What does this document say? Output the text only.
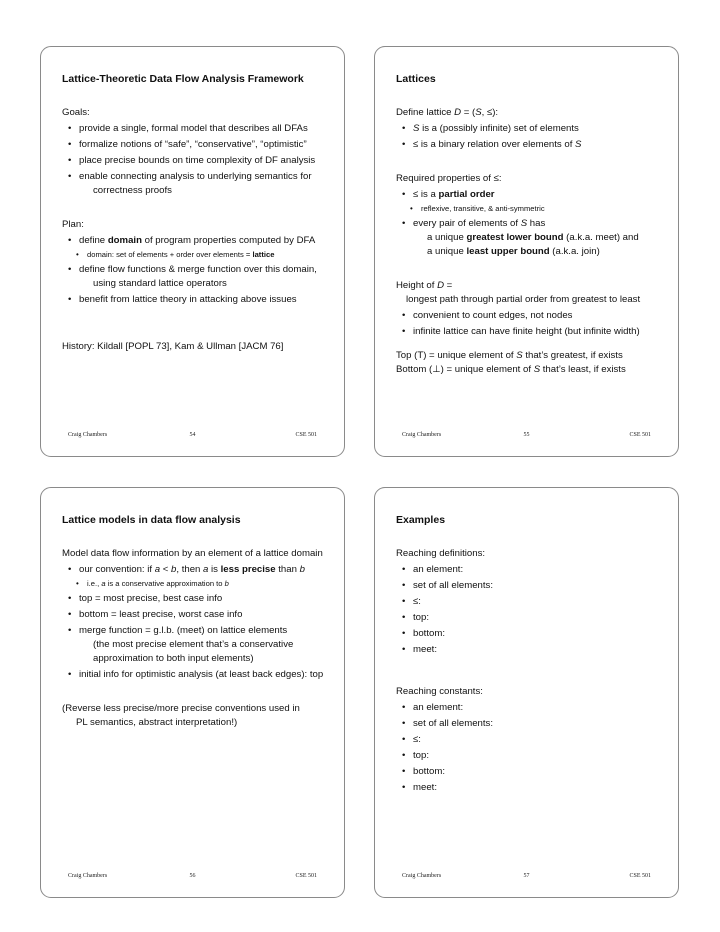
Lattice-Theoretic Data Flow Analysis Framework

Goals:

• provide a single, formal model that describes all DFAs
• formalize notions of “safe”, “conservative”, “optimistic”
• place precise bounds on time complexity of DF analysis
• enable connecting analysis to underlying semantics for
correctness proofs

Plan:

• define domain of program properties computed by DFA
• domain: set of elements + order over elements = lattice
• define flow functions & merge function over this domain,
using standard lattice operators
• benefit from lattice theory in attacking above issues

History: Kildall [POPL 73], Kam & Ullman [JACM 76]

Craig Chambers	54	CSE 501
Lattices

Define lattice D = (S, ≤):

• S is a (possibly infinite) set of elements
• ≤ is a binary relation over elements of S

Required properties of ≤:

• ≤ is a partial order
• reflexive, transitive, & anti-symmetric
• every pair of elements of S has
a unique greatest lower bound (a.k.a. meet) and
a unique least upper bound (a.k.a. join)

Height of D =

longest path through partial order from greatest to least

• convenient to count edges, not nodes
• infinite lattice can have finite height (but infinite width)

Top (T) = unique element of S that’s greatest, if exists

Bottom (⊥) = unique element of S that’s least, if exists

Craig Chambers	55	CSE 501
Lattice models in data flow analysis

Model data flow information by an element of a lattice domain

• our convention: if a < b, then a is less precise than b
• i.e., a is a conservative approximation to b
• top = most precise, best case info
• bottom = least precise, worst case info
• merge function = g.l.b. (meet) on lattice elements
(the most precise element that’s a conservative
approximation to both input elements)
• initial info for optimistic analysis (at least back edges): top

(Reverse less precise/more precise conventions used in
PL semantics, abstract interpretation!)

Craig Chambers	56	CSE 501
Examples

Reaching definitions:

• an element:
• set of all elements:
• ≤:
• top:
• bottom:
• meet:

Reaching constants:

• an element:
• set of all elements:
• ≤:
• top:
• bottom:
• meet:
Craig Chambers	57	CSE 501
